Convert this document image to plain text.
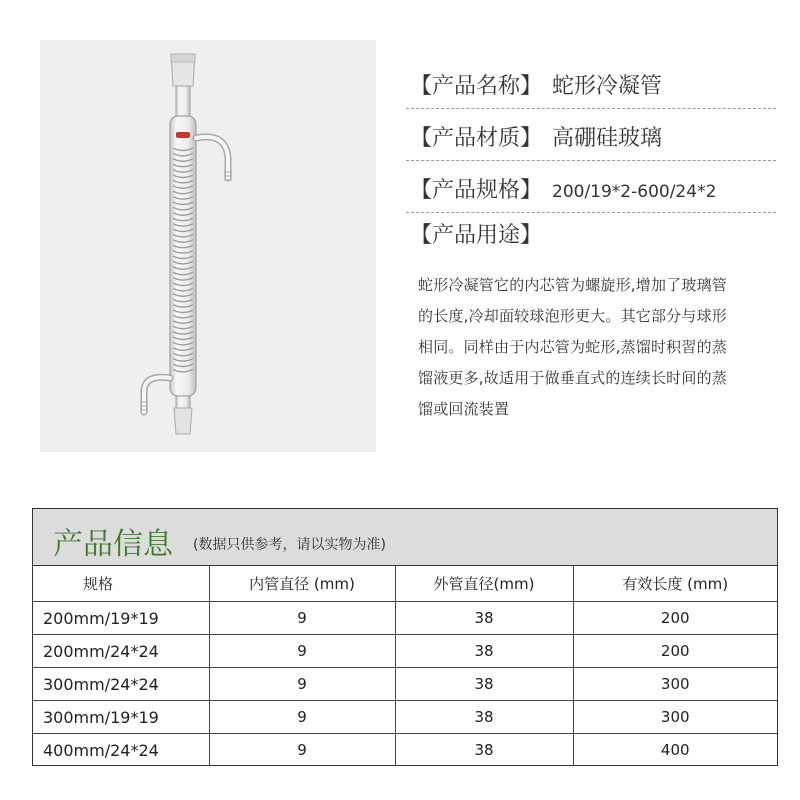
【产品名称】 蛇形冷凝管
【产品材质】 高硼硅玻璃
【产品规格】 200/19*2-600/24*2
【产品用途】
蛇形冷凝管它的内芯管为螺旋形,增加了玻璃管
的长度,冷却面较球泡形更大。其它部分与球形
相同。同样由于内芯管为蛇形,蒸馏时积習的蒸
馏液更多,故适用于做垂直式的连续长时间的蒸
馏或回流装置
产品信息 (数据只供参考，请以实物为准)
规格	内管直径 (mm)	外管直径(mm)	有效长度 (mm)
200mm/19*19	9	38	200
200mm/24*24	9	38	200
300mm/24*24	9	38	300
300mm/19*19	9	38	300
400mm/24*24	9	38	400
